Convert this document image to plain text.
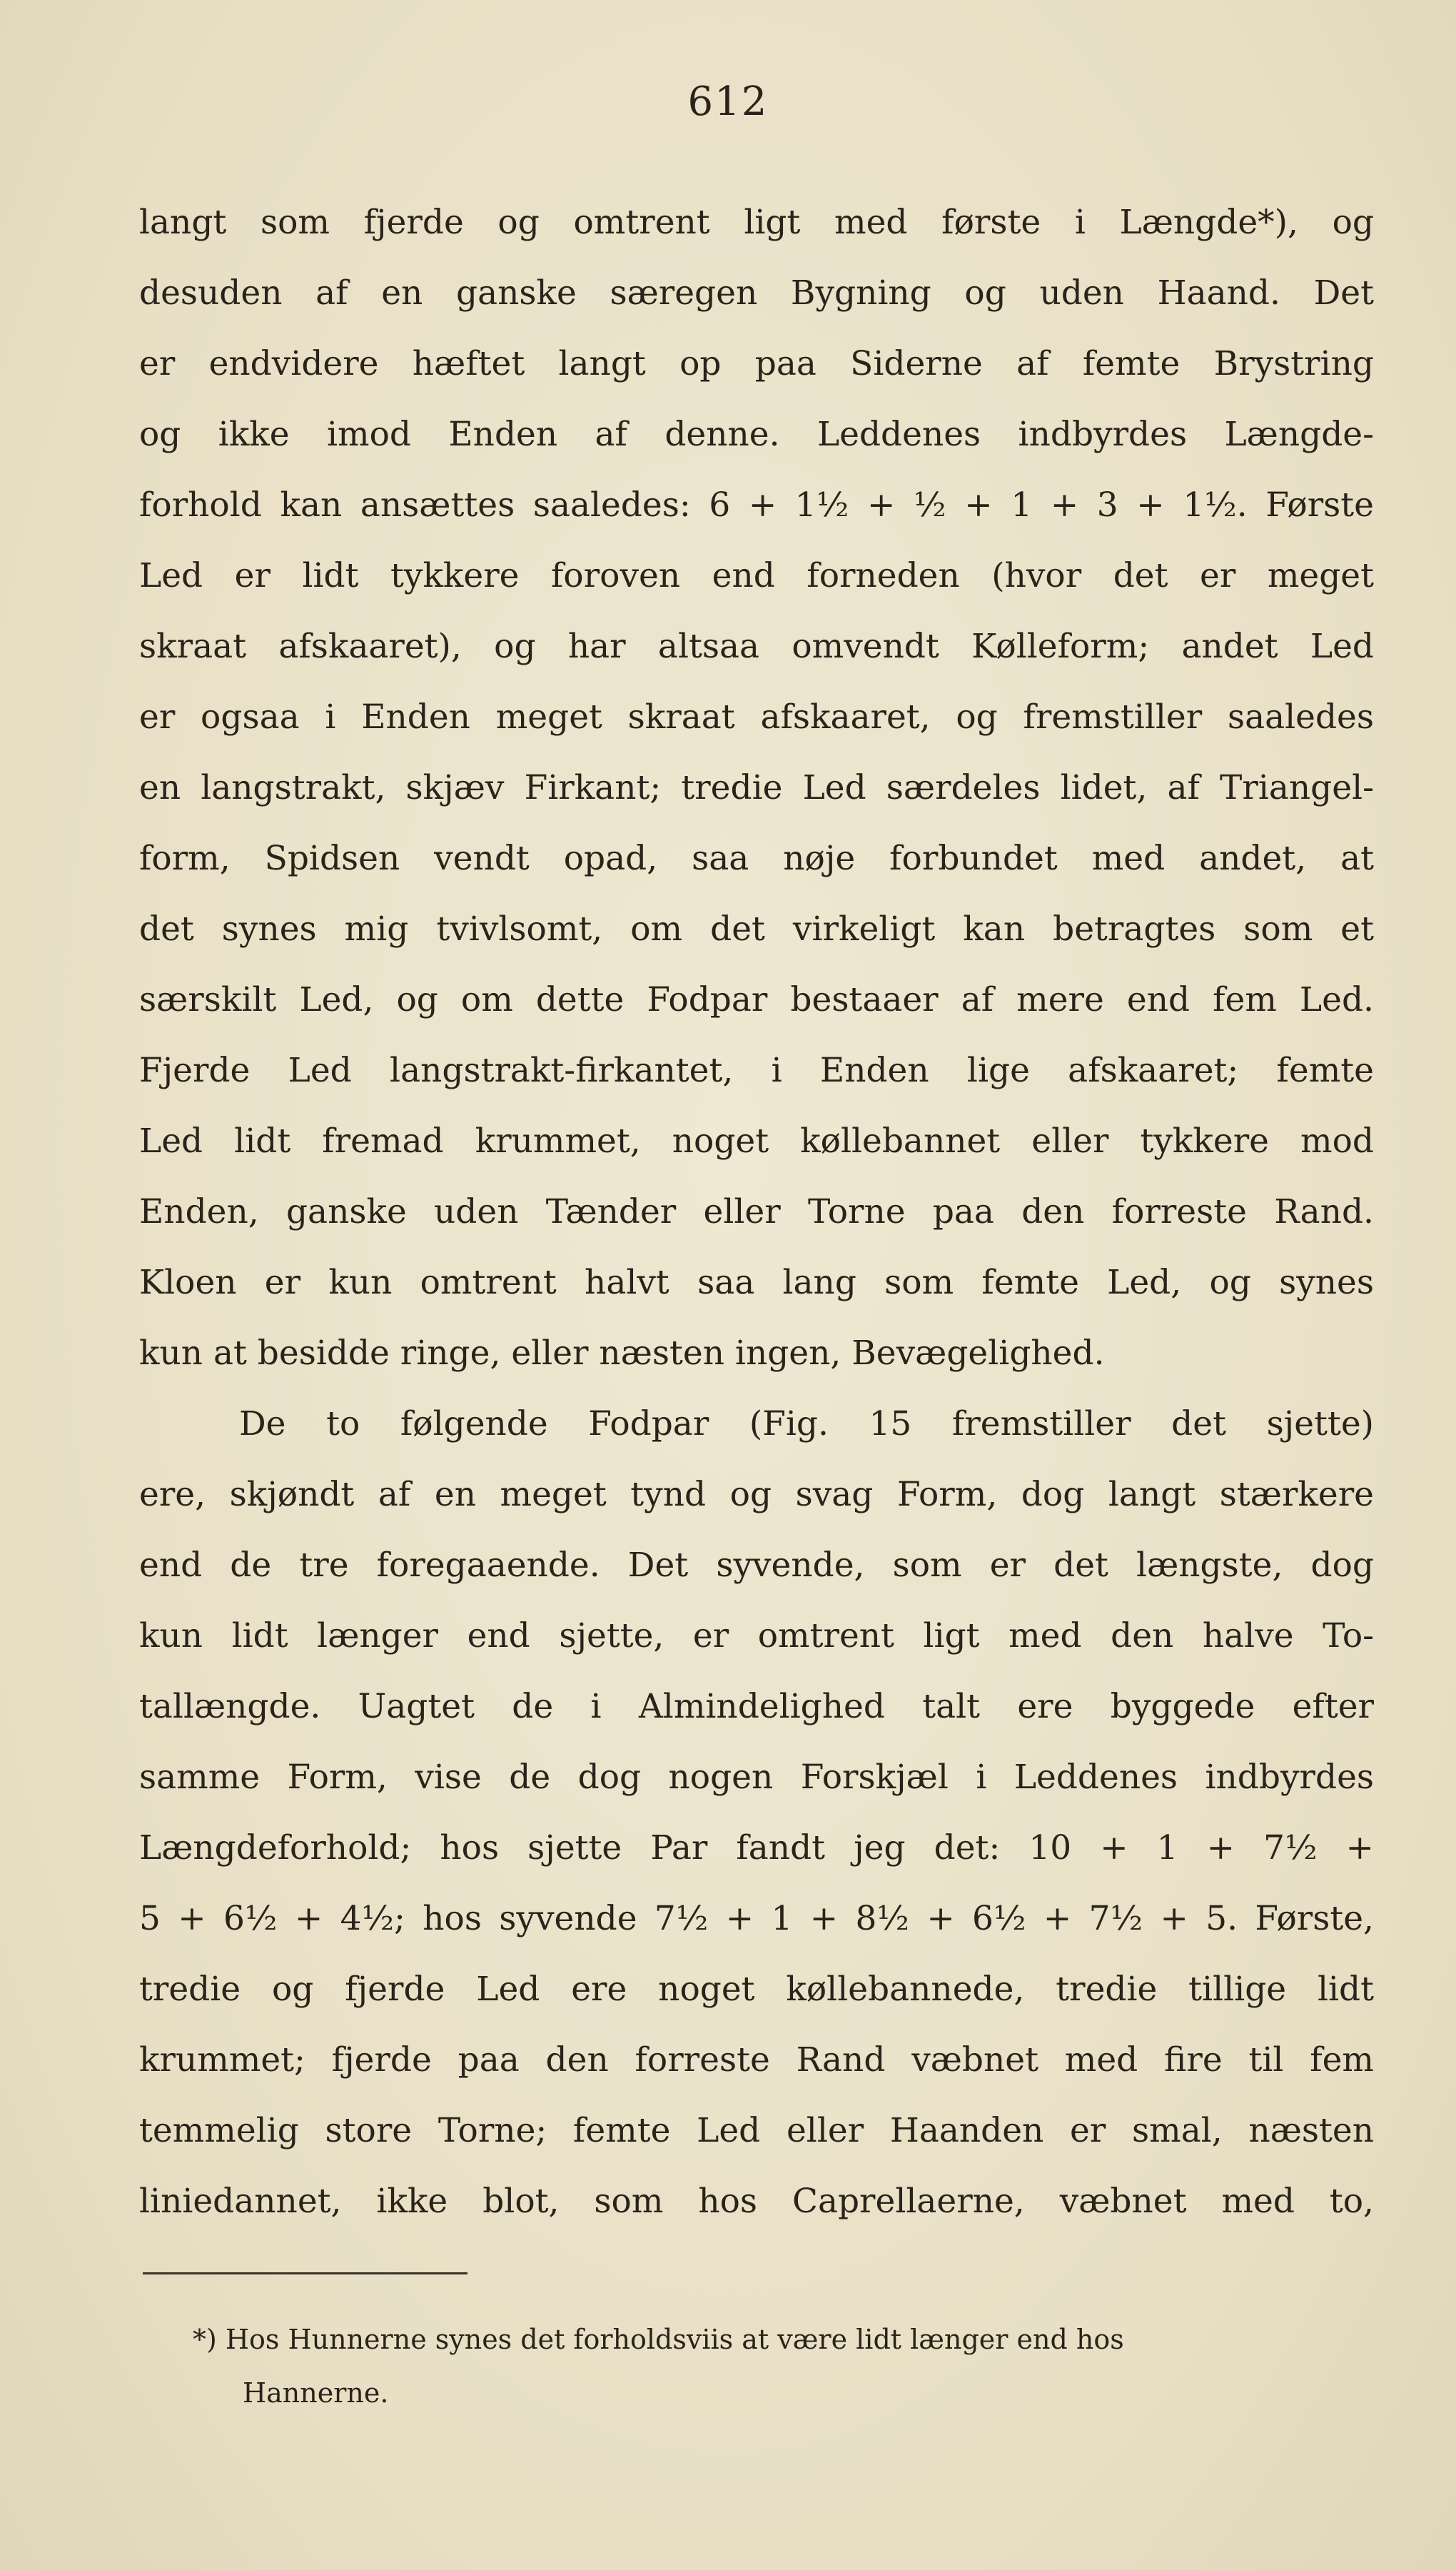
612
langt som fjerde og omtrent ligt med første i Længde*), og
desuden af en ganske særegen Bygning og uden Haand. Det
er endvidere hæftet langt op paa Siderne af femte Brystring
og ikke imod Enden af denne. Leddenes indbyrdes Længde-
forhold kan ansættes saaledes: 6 + 1½ + ½ + 1 + 3 + 1½. Første
Led er lidt tykkere foroven end forneden (hvor det er meget
skraat afskaaret), og har altsaa omvendt Kølleform; andet Led
er ogsaa i Enden meget skraat afskaaret, og fremstiller saaledes
en langstrakt, skjæv Firkant; tredie Led særdeles lidet, af Triangel-
form, Spidsen vendt opad, saa nøje forbundet med andet, at
det synes mig tvivlsomt, om det virkeligt kan betragtes som et
særskilt Led, og om dette Fodpar bestaaer af mere end fem Led.
Fjerde Led langstrakt-firkantet, i Enden lige afskaaret; femte
Led lidt fremad krummet, noget køllebannet eller tykkere mod
Enden, ganske uden Tænder eller Torne paa den forreste Rand.
Kloen er kun omtrent halvt saa lang som femte Led, og synes
kun at besidde ringe, eller næsten ingen, Bevægelighed.
De to følgende Fodpar (Fig. 15 fremstiller det sjette)
ere, skjøndt af en meget tynd og svag Form, dog langt stærkere
end de tre foregaaende. Det syvende, som er det længste, dog
kun lidt længer end sjette, er omtrent ligt med den halve To-
tallængde. Uagtet de i Almindelighed talt ere byggede efter
samme Form, vise de dog nogen Forskjæl i Leddenes indbyrdes
Længdeforhold; hos sjette Par fandt jeg det: 10 + 1 + 7½ +
5 + 6½ + 4½; hos syvende 7½ + 1 + 8½ + 6½ + 7½ + 5. Første,
tredie og fjerde Led ere noget køllebannede, tredie tillige lidt
krummet; fjerde paa den forreste Rand væbnet med fire til fem
temmelig store Torne; femte Led eller Haanden er smal, næsten
liniedannet, ikke blot, som hos Caprellaerne, væbnet med to,
*) Hos Hunnerne synes det forholdsviis at være lidt længer end hos
Hannerne.
